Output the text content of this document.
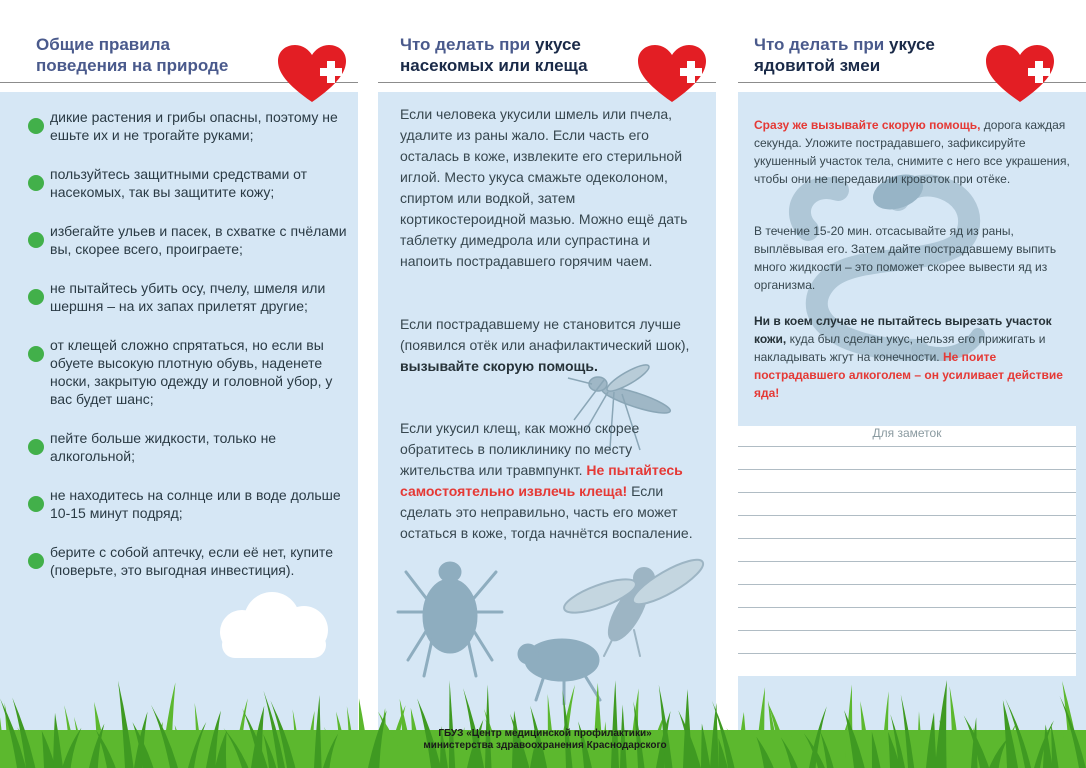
Общие правила
поведения на природе
дикие растения и грибы опасны, поэтому не ешьте их и не трогайте руками;
пользуйтесь защитными средствами от насекомых, так вы защитите кожу;
избегайте ульев и пасек, в схватке с пчёлами вы, скорее всего, проиграете;
не пытайтесь убить осу, пчелу, шмеля или шершня – на их запах прилетят другие;
от клещей сложно спрятаться, но если вы обуете высокую плотную обувь, наденете носки, закрытую одежду и головной убор, у вас будет шанс;
пейте больше жидкости, только не алкогольной;
не находитесь на солнце или в воде дольше 10-15 минут подряд;
берите с собой аптечку, если её нет, купите (поверьте, это выгодная инвестиция).
Что делать при укусе
насекомых или клеща
Если человека укусили шмель или пчела, удалите из раны жало. Если часть его осталась в коже, извлеките его стерильной иглой. Место укуса смажьте одеколоном, спиртом или водкой, затем кортикостероидной мазью. Можно ещё дать таблетку димедрола или супрастина и напоить пострадавшего горячим чаем.
Если пострадавшему не становится лучше (появился отёк или анафилактический шок), вызывайте скорую помощь.
Если укусил клещ, как можно скорее обратитесь в поликлинику по месту жительства или травмпункт. Не пытайтесь самостоятельно извлечь клеща! Если сделать это неправильно, часть его может остаться в коже, тогда начнётся воспаление.
Что делать при укусе
ядовитой змеи
Сразу же вызывайте скорую помощь, дорога каждая секунда. Уложите пострадавшего, зафиксируйте укушенный участок тела, снимите с него все украшения, чтобы они не передавили кровоток при отёке.
В течение 15-20 мин. отсасывайте яд из раны, выплёвывая его. Затем дайте пострадавшему выпить много жидкости – это поможет скорее вывести яд из организма.
Ни в коем случае не пытайтесь вырезать участок кожи, куда был сделан укус, нельзя его прижигать и накладывать жгут на конечности. Не поите пострадавшего алкоголем – он усиливает действие яда!
Для заметок
ГБУЗ «Центр медицинской профилактики»
министерства здравоохранения Краснодарского
